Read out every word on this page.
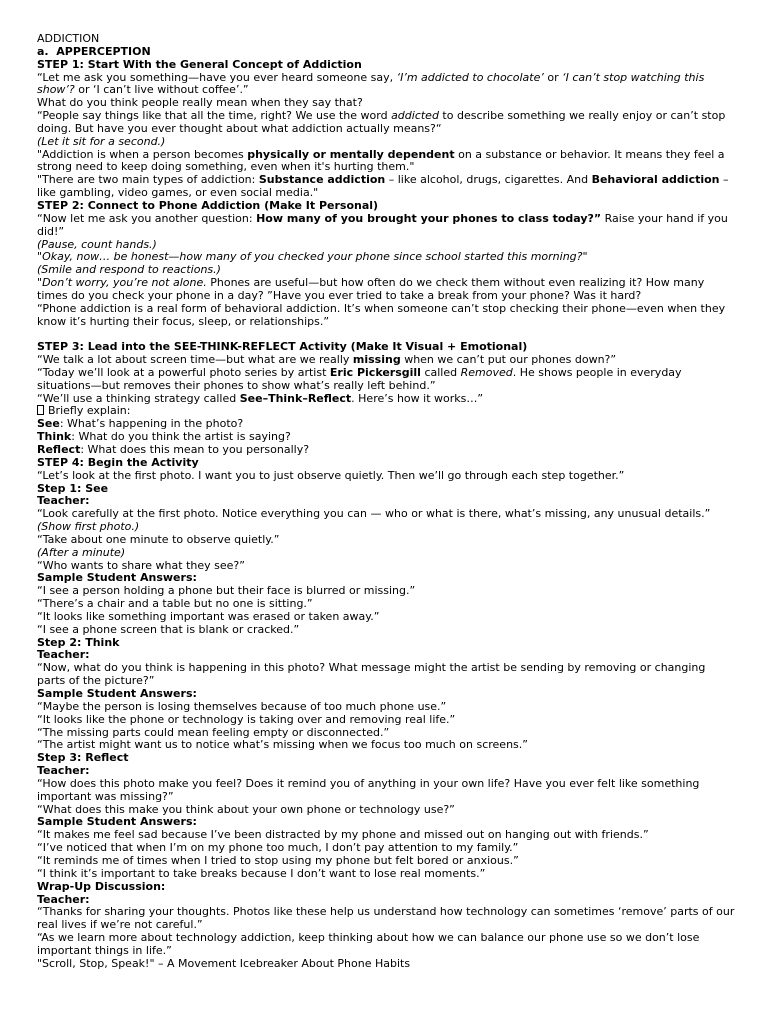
ADDICTION

a.  APPERCEPTION

STEP 1: Start With the General Concept of Addiction

“Let me ask you something—have you ever heard someone say, ‘I’m addicted to chocolate’ or ‘I can’t stop watching this show’? or ‘I can’t live without coffee’.”

What do you think people really mean when they say that?

“People say things like that all the time, right? We use the word addicted to describe something we really enjoy or can’t stop doing. But have you ever thought about what addiction actually means?“

(Let it sit for a second.)

"Addiction is when a person becomes physically or mentally dependent on a substance or behavior. It means they feel a strong need to keep doing something, even when it's hurting them."

"There are two main types of addiction: Substance addiction – like alcohol, drugs, cigarettes. And Behavioral addiction – like gambling, video games, or even social media."

STEP 2: Connect to Phone Addiction (Make It Personal)

“Now let me ask you another question: How many of you brought your phones to class today?” Raise your hand if you did!”

(Pause, count hands.)

"Okay, now… be honest—how many of you checked your phone since school started this morning?"

(Smile and respond to reactions.)

"Don’t worry, you’re not alone. Phones are useful—but how often do we check them without even realizing it? How many times do you check your phone in a day? ”Have you ever tried to take a break from your phone? Was it hard?

“Phone addiction is a real form of behavioral addiction. It’s when someone can’t stop checking their phone—even when they know it’s hurting their focus, sleep, or relationships.”

STEP 3: Lead into the SEE-THINK-REFLECT Activity (Make It Visual + Emotional)

“We talk a lot about screen time—but what are we really missing when we can’t put our phones down?”

“Today we’ll look at a powerful photo series by artist Eric Pickersgill called Removed. He shows people in everyday situations—but removes their phones to show what’s really left behind.”

“We’ll use a thinking strategy called See–Think–Reflect. Here’s how it works…”

Briefly explain:

See: What’s happening in the photo?

Think: What do you think the artist is saying?

Reflect: What does this mean to you personally?

STEP 4: Begin the Activity

“Let’s look at the first photo. I want you to just observe quietly. Then we’ll go through each step together.”

Step 1: See

Teacher:

“Look carefully at the first photo. Notice everything you can — who or what is there, what’s missing, any unusual details.”

(Show first photo.)

“Take about one minute to observe quietly.”

(After a minute)

“Who wants to share what they see?”

Sample Student Answers:

“I see a person holding a phone but their face is blurred or missing.”

“There’s a chair and a table but no one is sitting.”

“It looks like something important was erased or taken away.”

“I see a phone screen that is blank or cracked.”

Step 2: Think

Teacher:

“Now, what do you think is happening in this photo? What message might the artist be sending by removing or changing parts of the picture?”

Sample Student Answers:

“Maybe the person is losing themselves because of too much phone use.”

“It looks like the phone or technology is taking over and removing real life.”

“The missing parts could mean feeling empty or disconnected.”

“The artist might want us to notice what’s missing when we focus too much on screens.”

Step 3: Reflect

Teacher:

“How does this photo make you feel? Does it remind you of anything in your own life? Have you ever felt like something important was missing?”

“What does this make you think about your own phone or technology use?”

Sample Student Answers:

“It makes me feel sad because I’ve been distracted by my phone and missed out on hanging out with friends.”

“I’ve noticed that when I’m on my phone too much, I don’t pay attention to my family.”

“It reminds me of times when I tried to stop using my phone but felt bored or anxious.”

“I think it’s important to take breaks because I don’t want to lose real moments.”

Wrap-Up Discussion:

Teacher:

“Thanks for sharing your thoughts. Photos like these help us understand how technology can sometimes ‘remove’ parts of our real lives if we’re not careful.”

“As we learn more about technology addiction, keep thinking about how we can balance our phone use so we don’t lose important things in life.”

"Scroll, Stop, Speak!" – A Movement Icebreaker About Phone Habits
